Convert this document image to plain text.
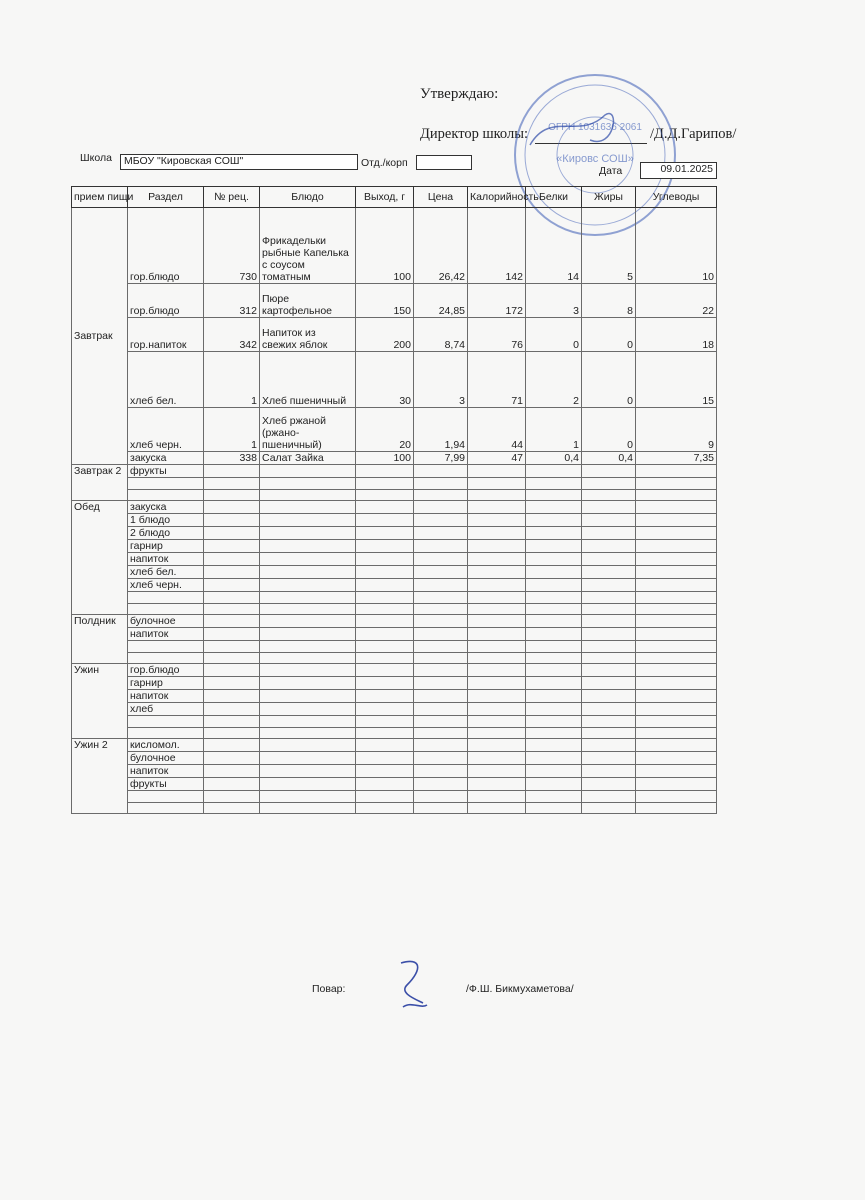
Утверждаю:
Директор школы:	/Д.Д.Гарипов/
ОГРН 1031636 2061
«Кировс СОШ»
Школа	МБОУ "Кировская СОШ"	Отд./корп
Дата	09.01.2025
прием пищи	Раздел	№ рец.	Блюдо	Выход, г	Цена	Калорийность	Белки	Жиры	Углеводы
Завтрак	гор.блюдо	730	Фрикадельки рыбные Капелька с соусом томатным	100	26,42	142	14	5	10
	гор.блюдо	312	Пюре картофельное	150	24,85	172	3	8	22
	гор.напиток	342	Напиток из свежих яблок	200	8,74	76	0	0	18
	хлеб бел.	1	Хлеб пшеничный	30	3	71	2	0	15
	хлеб черн.	1	Хлеб ржаной (ржано-пшеничный)	20	1,94	44	1	0	9
	закуска	338	Салат Зайка	100	7,99	47	0,4	0,4	7,35
Завтрак 2	фрукты								

Обед	закуска								
	1 блюдо								
	2 блюдо								
	гарнир								
	напиток								
	хлеб бел.								
	хлеб черн.								

Полдник	булочное								
	напиток								

Ужин	гор.блюдо								
	гарнир								
	напиток								
	хлеб								

Ужин 2	кисломол.								
	булочное								
	напиток								
	фрукты								

Повар:	/Ф.Ш. Бикмухаметова/
